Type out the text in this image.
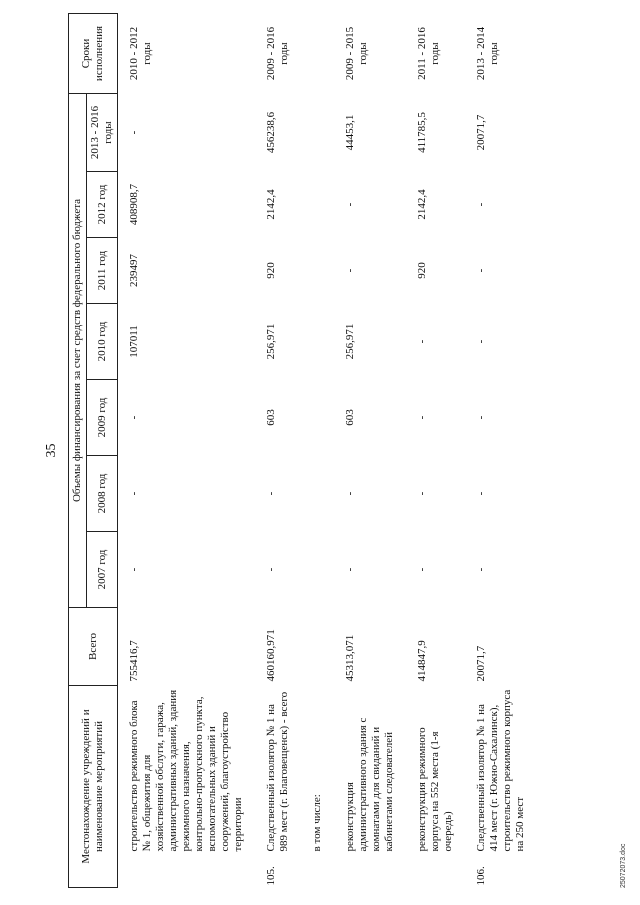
35
Местонахождение учреждений и наименование мероприятий		Всего	Объемы финансирования за счет средств федерального бюджета							Сроки исполнения
			2007 год	2008 год	2009 год	2010 год	2011 год	2012 год	2013 - 2016 годы	
	строительство режимного блока № 1, общежития для хозяйственной обслуги, гаража, административных зданий, здания режимного назначения, контрольно-пропускного пункта, вспомогательных зданий и сооружений, благоустройство территории	755416,7	-	-	-	107011	239497	408908,7	-	2010 - 2012 годы
105.	Следственный изолятор № 1 на 989 мест (г. Благовещенск) - всего	460160,971	-	-	603	256,971	920	2142,4	456238,6	2009 - 2016 годы
	в том числе:									
	реконструкция административного здания с комнатами для свиданий и кабинетами следователей	45313,071	-	-	603	256,971	-	-	44453,1	2009 - 2015 годы
	реконструкция режимного корпуса на 552 места (1-я очередь)	414847,9	-	-	-	-	920	2142,4	411785,5	2011 - 2016 годы
106.	Следственный изолятор № 1 на 414 мест (г. Южно-Сахалинск), строительство режимного корпуса на 250 мест	20071,7	-	-	-	-	-	-	20071,7	2013 - 2014 годы
25072073.doc
